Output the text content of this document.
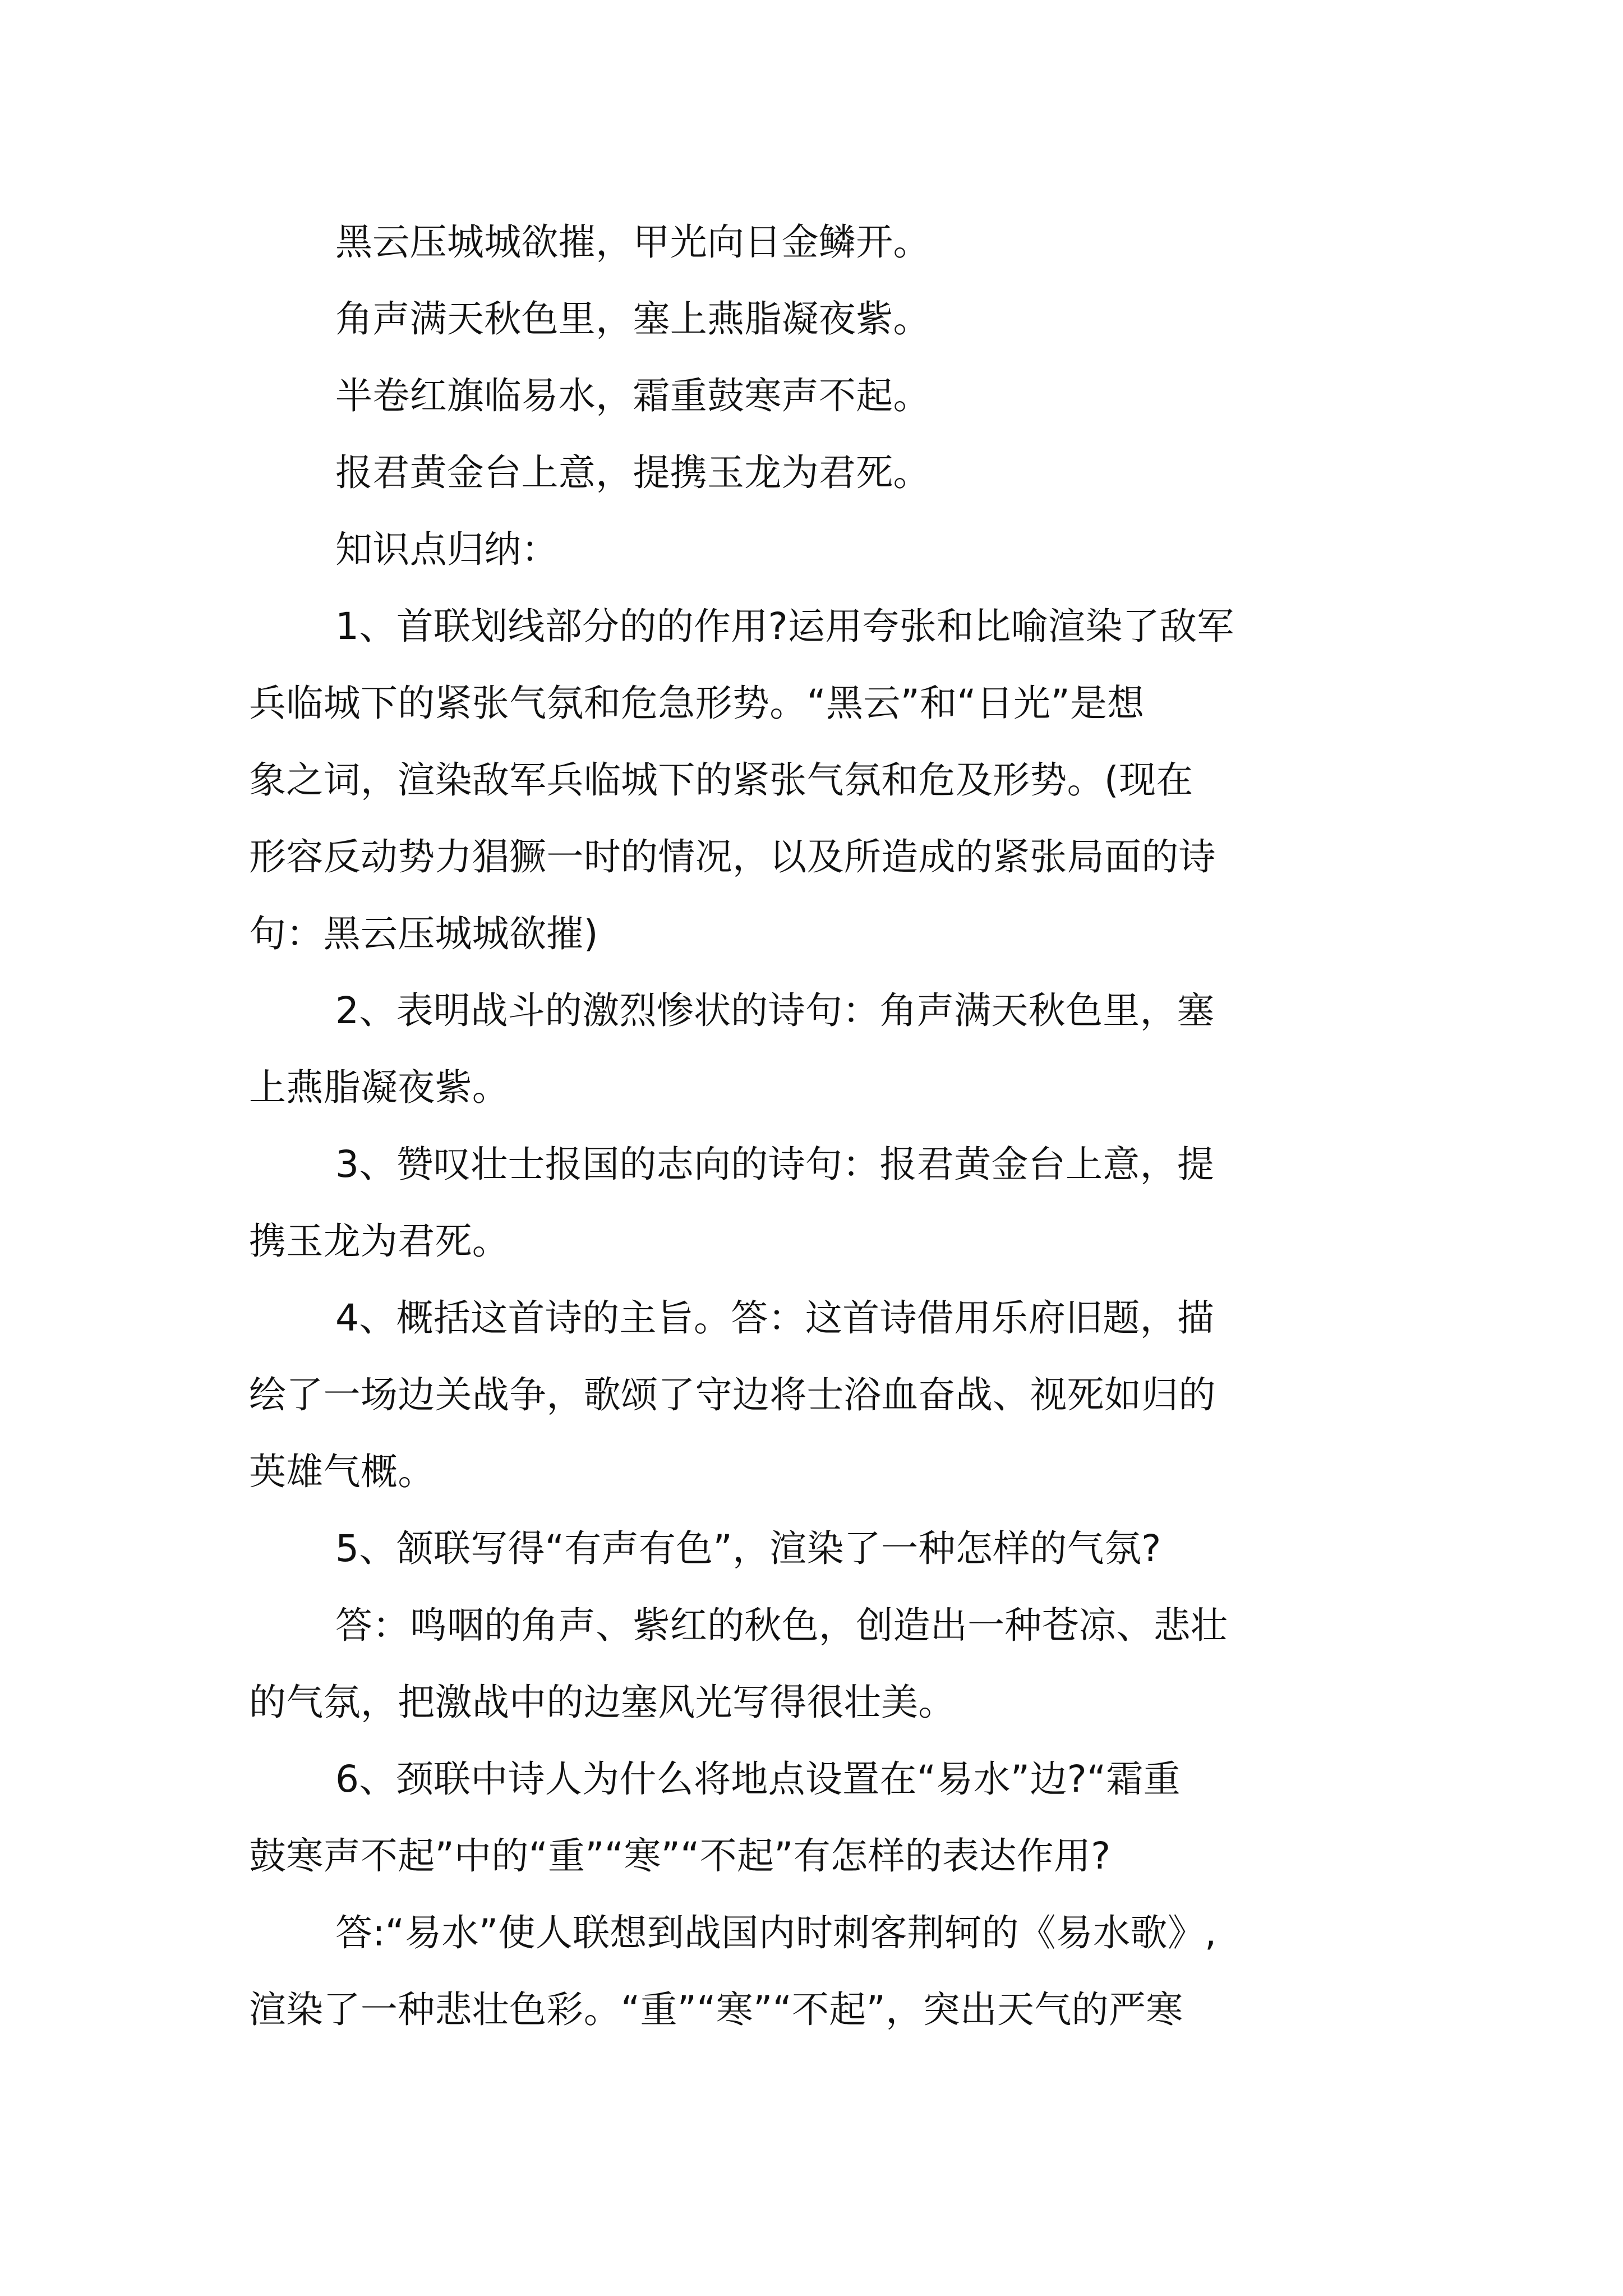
黑云压城城欲摧，甲光向日金鳞开。
角声满天秋色里，塞上燕脂凝夜紫。
半卷红旗临易水，霜重鼓寒声不起。
报君黄金台上意，提携玉龙为君死。
知识点归纳：
1、首联划线部分的的作用?运用夸张和比喻渲染了敌军
兵临城下的紧张气氛和危急形势。“黑云”和“日光”是想
象之词，渲染敌军兵临城下的紧张气氛和危及形势。(现在
形容反动势力猖獗一时的情况，以及所造成的紧张局面的诗
句：黑云压城城欲摧)
2、表明战斗的激烈惨状的诗句：角声满天秋色里，塞
上燕脂凝夜紫。
3、赞叹壮士报国的志向的诗句：报君黄金台上意，提
携玉龙为君死。
4、概括这首诗的主旨。答：这首诗借用乐府旧题，描
绘了一场边关战争，歌颂了守边将士浴血奋战、视死如归的
英雄气概。
5、颔联写得“有声有色”，渲染了一种怎样的气氛?
答：鸣咽的角声、紫红的秋色，创造出一种苍凉、悲壮
的气氛，把激战中的边塞风光写得很壮美。
6、颈联中诗人为什么将地点设置在“易水”边?“霜重
鼓寒声不起”中的“重”“寒”“不起”有怎样的表达作用?
答:“易水”使人联想到战国内时刺客荆轲的《易水歌》,
渲染了一种悲壮色彩。“重”“寒”“不起”，突出天气的严寒
